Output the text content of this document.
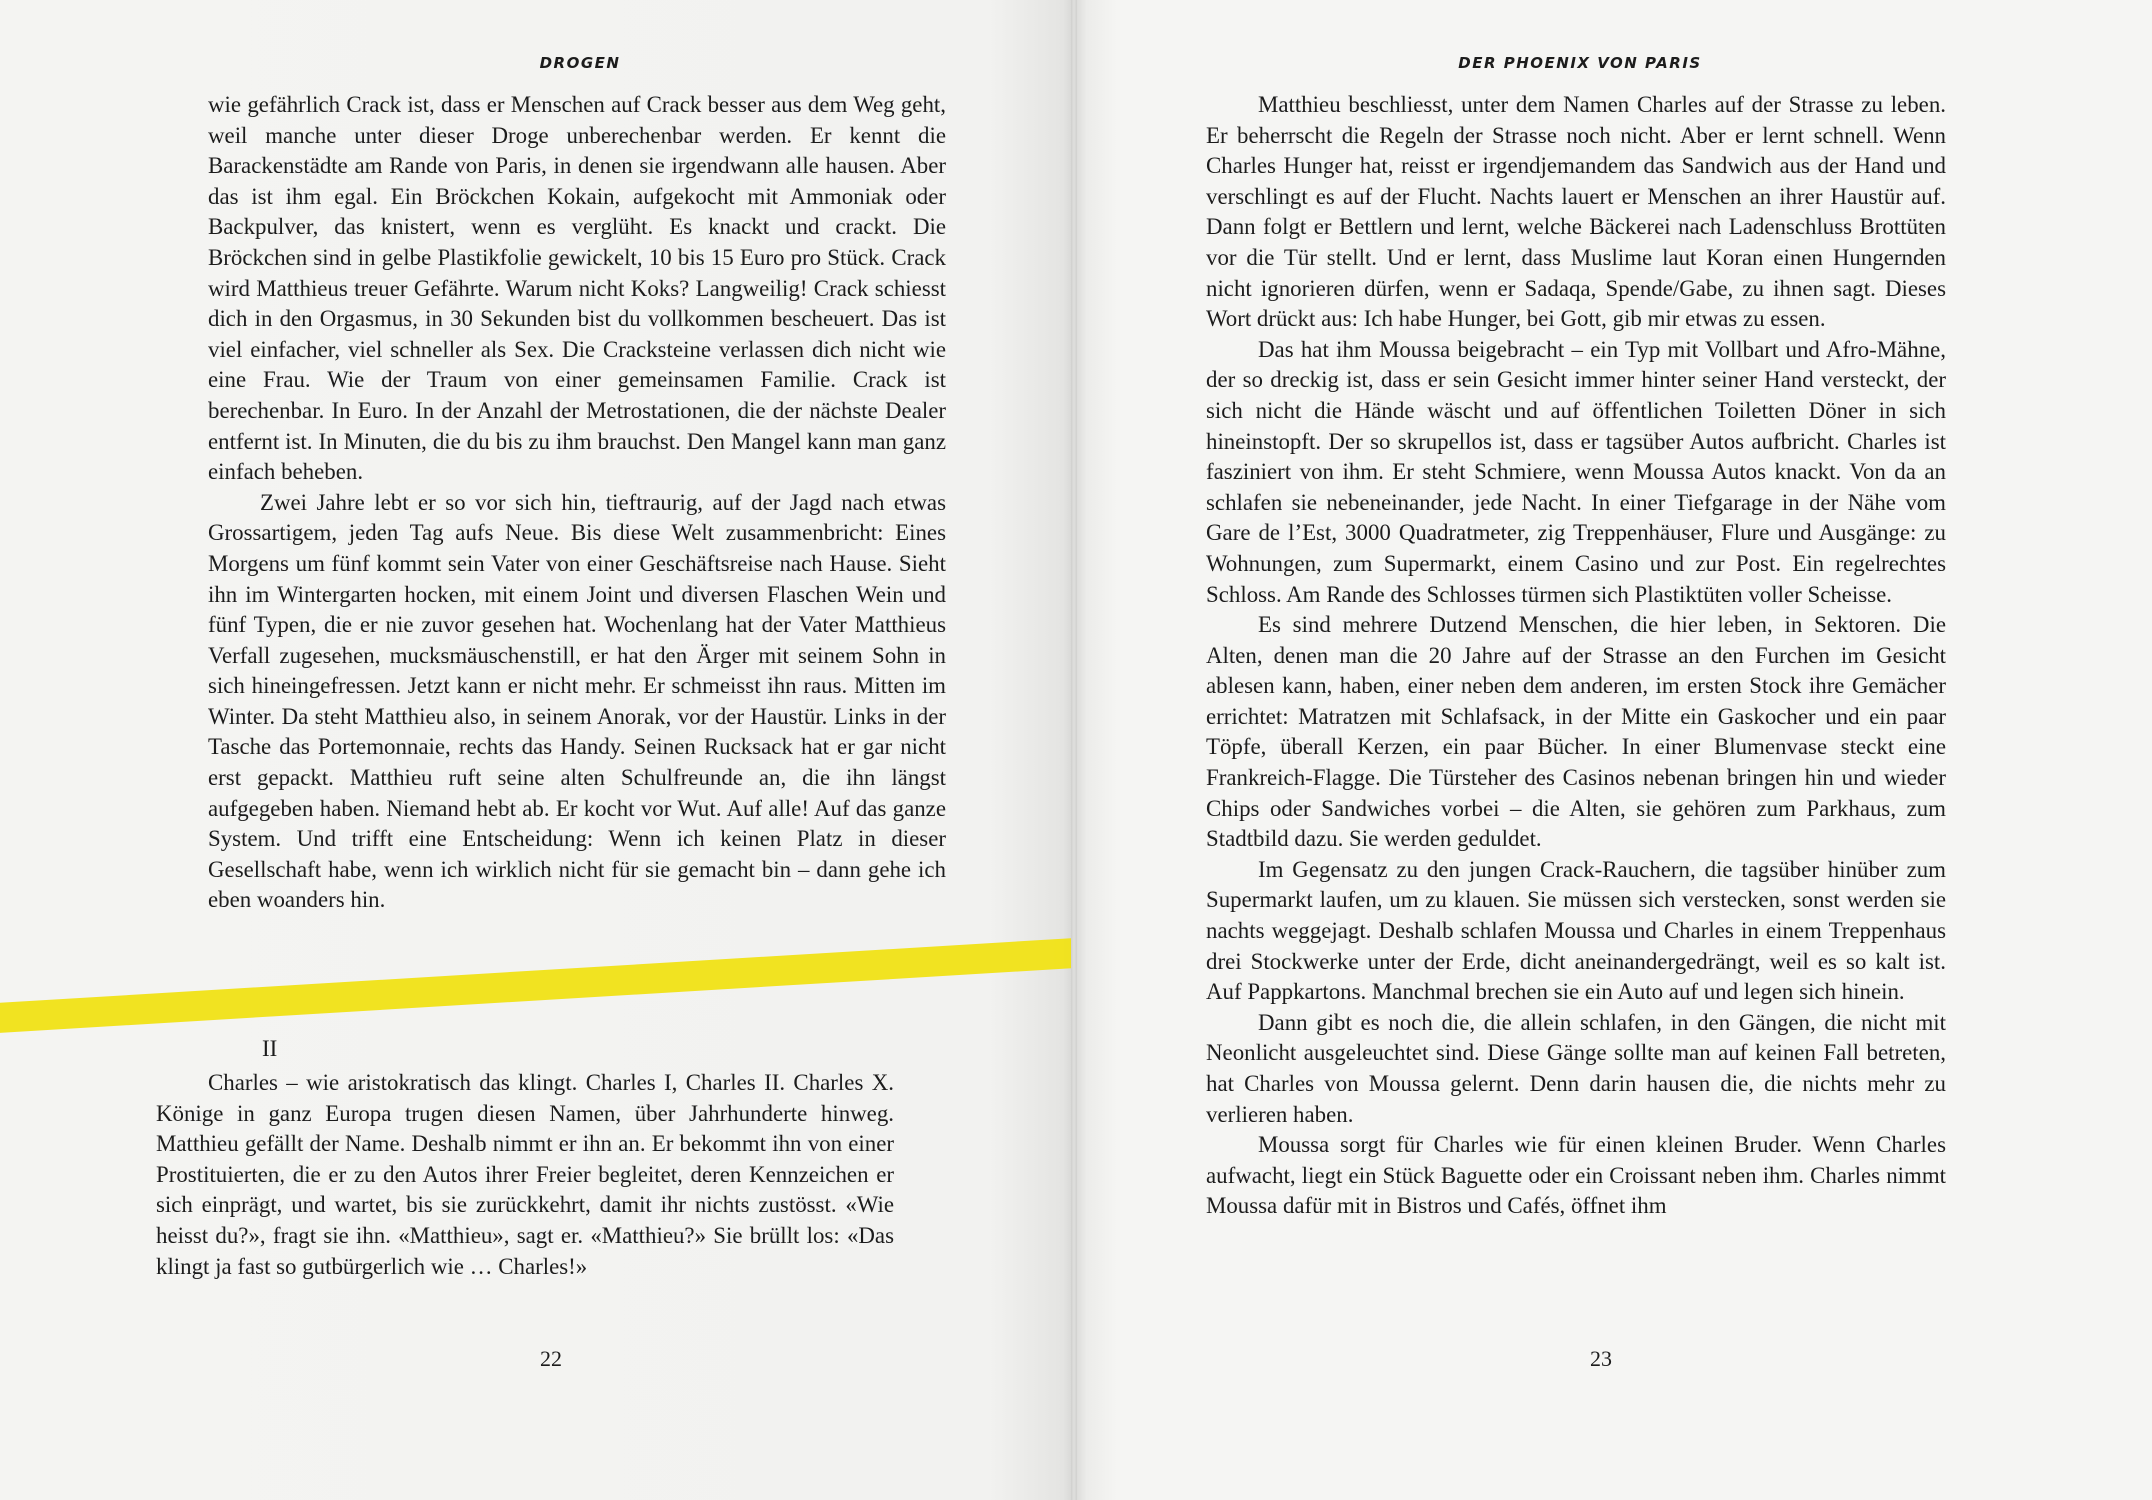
DROGEN

wie gefährlich Crack ist, dass er Menschen auf Crack besser aus dem Weg geht, weil manche unter dieser Droge unberechenbar werden. Er kennt die Barackenstädte am Rande von Paris, in denen sie irgendwann alle hausen. Aber das ist ihm egal. Ein Bröckchen Kokain, aufgekocht mit Ammoniak oder Backpulver, das knistert, wenn es verglüht. Es knackt und crackt. Die Bröckchen sind in gelbe Plastikfolie gewickelt, 10 bis 15 Euro pro Stück. Crack wird Matthieus treuer Gefährte. Warum nicht Koks? Langweilig! Crack schiesst dich in den Orgasmus, in 30 Sekunden bist du vollkommen bescheuert. Das ist viel einfacher, viel schneller als Sex. Die Cracksteine verlassen dich nicht wie eine Frau. Wie der Traum von einer gemeinsamen Familie. Crack ist berechenbar. In Euro. In der Anzahl der Metrostationen, die der nächste Dealer entfernt ist. In Minuten, die du bis zu ihm brauchst. Den Mangel kann man ganz einfach beheben.

Zwei Jahre lebt er so vor sich hin, tieftraurig, auf der Jagd nach etwas Grossartigem, jeden Tag aufs Neue. Bis diese Welt zusammenbricht: Eines Morgens um fünf kommt sein Vater von einer Geschäftsreise nach Hause. Sieht ihn im Wintergarten hocken, mit einem Joint und diversen Flaschen Wein und fünf Typen, die er nie zuvor gesehen hat. Wochenlang hat der Vater Matthieus Verfall zugesehen, mucksmäuschenstill, er hat den Ärger mit seinem Sohn in sich hineingefressen. Jetzt kann er nicht mehr. Er schmeisst ihn raus. Mitten im Winter. Da steht Matthieu also, in seinem Anorak, vor der Haustür. Links in der Tasche das Portemonnaie, rechts das Handy. Seinen Rucksack hat er gar nicht erst gepackt. Matthieu ruft seine alten Schulfreunde an, die ihn längst aufgegeben haben. Niemand hebt ab. Er kocht vor Wut. Auf alle! Auf das ganze System. Und trifft eine Entscheidung: Wenn ich keinen Platz in dieser Gesellschaft habe, wenn ich wirklich nicht für sie gemacht bin – dann gehe ich eben woanders hin.

II

Charles – wie aristokratisch das klingt. Charles I, Charles II. Charles X. Könige in ganz Europa trugen diesen Namen, über Jahrhunderte hinweg. Matthieu gefällt der Name. Deshalb nimmt er ihn an. Er bekommt ihn von einer Prostituierten, die er zu den Autos ihrer Freier begleitet, deren Kennzeichen er sich einprägt, und wartet, bis sie zurückkehrt, damit ihr nichts zustösst. «Wie heisst du?», fragt sie ihn. «Matthieu», sagt er. «Matthieu?» Sie brüllt los: «Das klingt ja fast so gutbürgerlich wie … Charles!»

22
DER PHOENIX VON PARIS

Matthieu beschliesst, unter dem Namen Charles auf der Strasse zu leben. Er beherrscht die Regeln der Strasse noch nicht. Aber er lernt schnell. Wenn Charles Hunger hat, reisst er irgendjemandem das Sandwich aus der Hand und verschlingt es auf der Flucht. Nachts lauert er Menschen an ihrer Haustür auf. Dann folgt er Bettlern und lernt, welche Bäckerei nach Ladenschluss Brottüten vor die Tür stellt. Und er lernt, dass Muslime laut Koran einen Hungernden nicht ignorieren dürfen, wenn er Sadaqa, Spende/Gabe, zu ihnen sagt. Dieses Wort drückt aus: Ich habe Hunger, bei Gott, gib mir etwas zu essen.

Das hat ihm Moussa beigebracht – ein Typ mit Vollbart und Afro-Mähne, der so dreckig ist, dass er sein Gesicht immer hinter seiner Hand versteckt, der sich nicht die Hände wäscht und auf öffentlichen Toiletten Döner in sich hineinstopft. Der so skrupellos ist, dass er tagsüber Autos aufbricht. Charles ist fasziniert von ihm. Er steht Schmiere, wenn Moussa Autos knackt. Von da an schlafen sie nebeneinander, jede Nacht. In einer Tiefgarage in der Nähe vom Gare de l’Est, 3000 Quadratmeter, zig Treppenhäuser, Flure und Ausgänge: zu Wohnungen, zum Supermarkt, einem Casino und zur Post. Ein regelrechtes Schloss. Am Rande des Schlosses türmen sich Plastiktüten voller Scheisse.

Es sind mehrere Dutzend Menschen, die hier leben, in Sektoren. Die Alten, denen man die 20 Jahre auf der Strasse an den Furchen im Gesicht ablesen kann, haben, einer neben dem anderen, im ersten Stock ihre Gemächer errichtet: Matratzen mit Schlafsack, in der Mitte ein Gaskocher und ein paar Töpfe, überall Kerzen, ein paar Bücher. In einer Blumenvase steckt eine Frankreich-Flagge. Die Türsteher des Casinos nebenan bringen hin und wieder Chips oder Sandwiches vorbei – die Alten, sie gehören zum Parkhaus, zum Stadtbild dazu. Sie werden geduldet.

Im Gegensatz zu den jungen Crack-Rauchern, die tagsüber hinüber zum Supermarkt laufen, um zu klauen. Sie müssen sich verstecken, sonst werden sie nachts weggejagt. Deshalb schlafen Moussa und Charles in einem Treppenhaus drei Stockwerke unter der Erde, dicht aneinandergedrängt, weil es so kalt ist. Auf Pappkartons. Manchmal brechen sie ein Auto auf und legen sich hinein.

Dann gibt es noch die, die allein schlafen, in den Gängen, die nicht mit Neonlicht ausgeleuchtet sind. Diese Gänge sollte man auf keinen Fall betreten, hat Charles von Moussa gelernt. Denn darin hausen die, die nichts mehr zu verlieren haben.

Moussa sorgt für Charles wie für einen kleinen Bruder. Wenn Charles aufwacht, liegt ein Stück Baguette oder ein Croissant neben ihm. Charles nimmt Moussa dafür mit in Bistros und Cafés, öffnet ihm

23
